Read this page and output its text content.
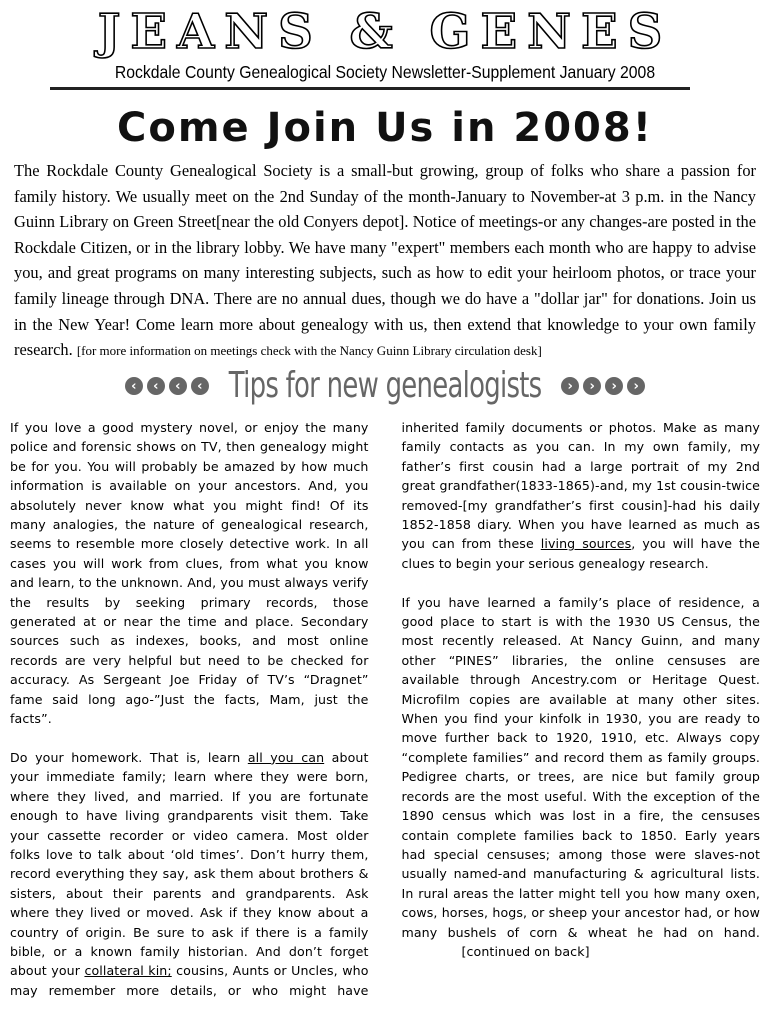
JEANS & GENES
Rockdale County Genealogical Society Newsletter-Supplement January 2008
Come Join Us in 2008!
The Rockdale County Genealogical Society is a small-but growing, group of folks who share a passion for family history. We usually meet on the 2nd Sunday of the month-January to November-at 3 p.m. in the Nancy Guinn Library on Green Street[near the old Conyers depot]. Notice of meetings-or any changes-are posted in the Rockdale Citizen, or in the library lobby. We have many "expert" members each month who are happy to advise you, and great programs on many interesting subjects, such as how to edit your heirloom photos, or trace your family lineage through DNA. There are no annual dues, though we do have a "dollar jar" for donations. Join us in the New Year! Come learn more about genealogy with us, then extend that knowledge to your own family research. [for more information on meetings check with the Nancy Guinn Library circulation desk]
‹	‹	‹	‹ Tips for new genealogists	›	›	›	›

If you love a good mystery novel, or enjoy the many police and forensic shows on TV, then genealogy might be for you. You will probably be amazed by how much information is available on your ancestors. And, you absolutely never know what you might find! Of its many analogies, the nature of genealogical research, seems to resemble more closely detective work. In all cases you will work from clues, from what you know and learn, to the unknown. And, you must always verify the results by seeking primary records, those generated at or near the time and place. Secondary sources such as indexes, books, and most online records are very helpful but need to be checked for accuracy. As Sergeant Joe Friday of TV’s “Dragnet” fame said long ago-”Just the facts, Mam, just the facts”.

Do your homework. That is, learn all you can about your immediate family; learn where they were born, where they lived, and married. If you are fortunate enough to have living grandparents visit them. Take your cassette recorder or video camera. Most older folks love to talk about ‘old times’. Don’t hurry them, record everything they say, ask them about brothers & sisters, about their parents and grandparents. Ask where they lived or moved. Ask if they know about a country of origin. Be sure to ask if there is a family bible, or a known family historian. And don’t forget about your collateral kin; cousins, Aunts or Uncles, who may remember more details, or who might have inherited family documents or photos. Make as many family contacts as you can. In my own family, my father’s first cousin had a large portrait of my 2nd great grandfather(1833-1865)-and, my 1st cousin-twice removed-[my grandfather’s first cousin]-had his daily 1852-1858 diary. When you have learned as much as you can from these living sources, you will have the clues to begin your serious genealogy research.

If you have learned a family’s place of residence, a good place to start is with the 1930 US Census, the most recently released. At Nancy Guinn, and many other “PINES” libraries, the online censuses are available through Ancestry.com or Heritage Quest. Microfilm copies are available at many other sites. When you find your kinfolk in 1930, you are ready to move further back to 1920, 1910, etc. Always copy “complete families” and record them as family groups. Pedigree charts, or trees, are nice but family group records are the most useful. With the exception of the 1890 census which was lost in a fire, the censuses contain complete families back to 1850. Early years had special censuses; among those were slaves-not usually named-and manufacturing & agricultural lists. In rural areas the latter might tell you how many oxen, cows, horses, hogs, or sheep your ancestor had, or how many bushels of corn & wheat he had on hand.[continued on back]
